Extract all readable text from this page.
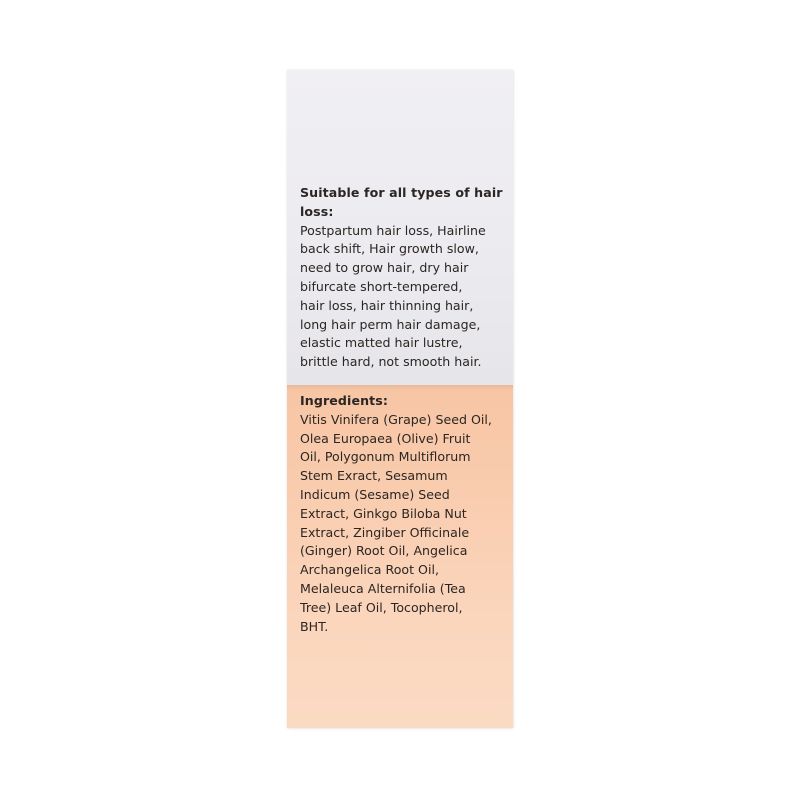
Suitable for all types of hair
loss:
Postpartum hair loss, Hairline
back shift, Hair growth slow,
need to grow hair, dry hair
bifurcate short-tempered,
hair loss, hair thinning hair,
long hair perm hair damage,
elastic matted hair lustre,
brittle hard, not smooth hair.
Ingredients:
Vitis Vinifera (Grape) Seed Oil,
Olea Europaea (Olive) Fruit
Oil, Polygonum Multiflorum
Stem Exract, Sesamum
Indicum (Sesame) Seed
Extract, Ginkgo Biloba Nut
Extract, Zingiber Officinale
(Ginger) Root Oil, Angelica
Archangelica Root Oil,
Melaleuca Alternifolia (Tea
Tree) Leaf Oil, Tocopherol,
BHT.
